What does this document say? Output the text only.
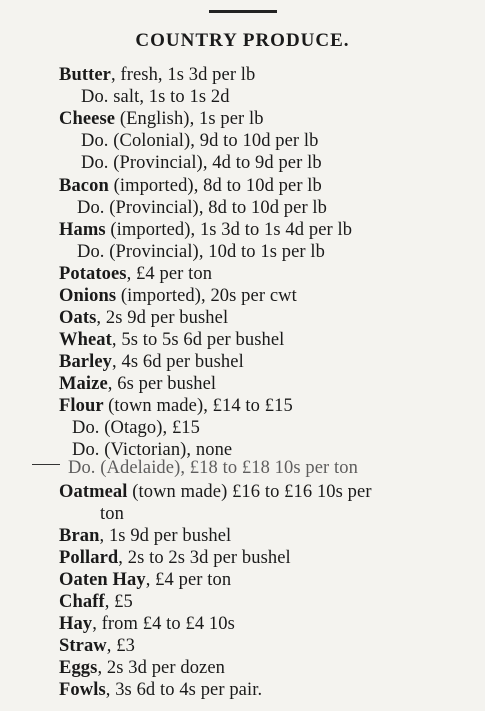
COUNTRY PRODUCE.
Butter, fresh, 1s 3d per lb
Do. salt, 1s to 1s 2d
Cheese (English), 1s per lb
Do. (Colonial), 9d to 10d per lb
Do. (Provincial), 4d to 9d per lb
Bacon (imported), 8d to 10d per lb
Do. (Provincial), 8d to 10d per lb
Hams (imported), 1s 3d to 1s 4d per lb
Do. (Provincial), 10d to 1s per lb
Potatoes, £4 per ton
Onions (imported), 20s per cwt
Oats, 2s 9d per bushel
Wheat, 5s to 5s 6d per bushel
Barley, 4s 6d per bushel
Maize, 6s per bushel
Flour (town made), £14 to £15
Do. (Otago), £15
Do. (Victorian), none
Do. (Adelaide), £18 to £18 10s per ton
Oatmeal (town made) £16 to £16 10s per
ton
Bran, 1s 9d per bushel
Pollard, 2s to 2s 3d per bushel
Oaten Hay, £4 per ton
Chaff, £5
Hay, from £4 to £4 10s
Straw, £3
Eggs, 2s 3d per dozen
Fowls, 3s 6d to 4s per pair.
